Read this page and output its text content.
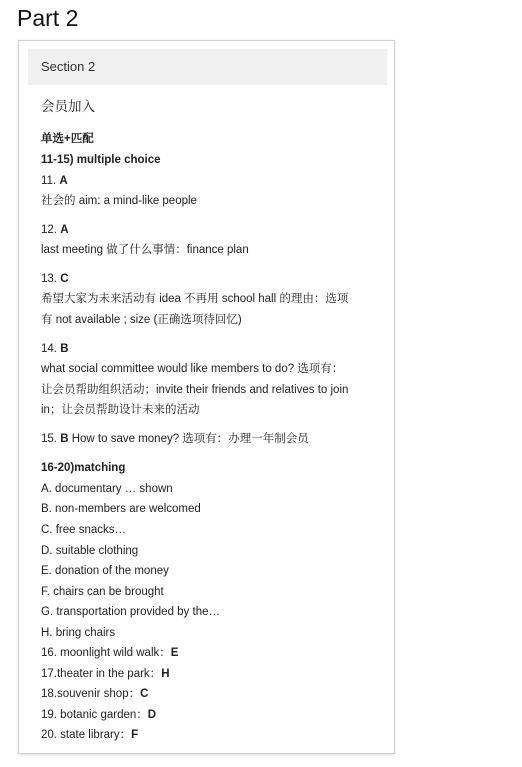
Part 2
Section 2
会员加入
单选+匹配
11-15) multiple choice
11. A
社会的 aim: a mind-like people
12. A
last meeting 做了什么事情：finance plan
13. C
希望大家为未来活动有 idea 不再用 school hall 的理由：选项
有 not available ; size (正确选项待回忆)
14. B
what social committee would like members to do? 选项有：
让会员帮助组织活动；invite their friends and relatives to join
in；让会员帮助设计未来的活动
15. B How to save money? 选项有：办理一年制会员
16-20)matching
A. documentary … shown
B. non-members are welcomed
C. free snacks…
D. suitable clothing
E. donation of the money
F. chairs can be brought
G. transportation provided by the…
H. bring chairs
16. moonlight wild walk：E
17.theater in the park：H
18.souvenir shop：C
19. botanic garden：D
20. state library：F
